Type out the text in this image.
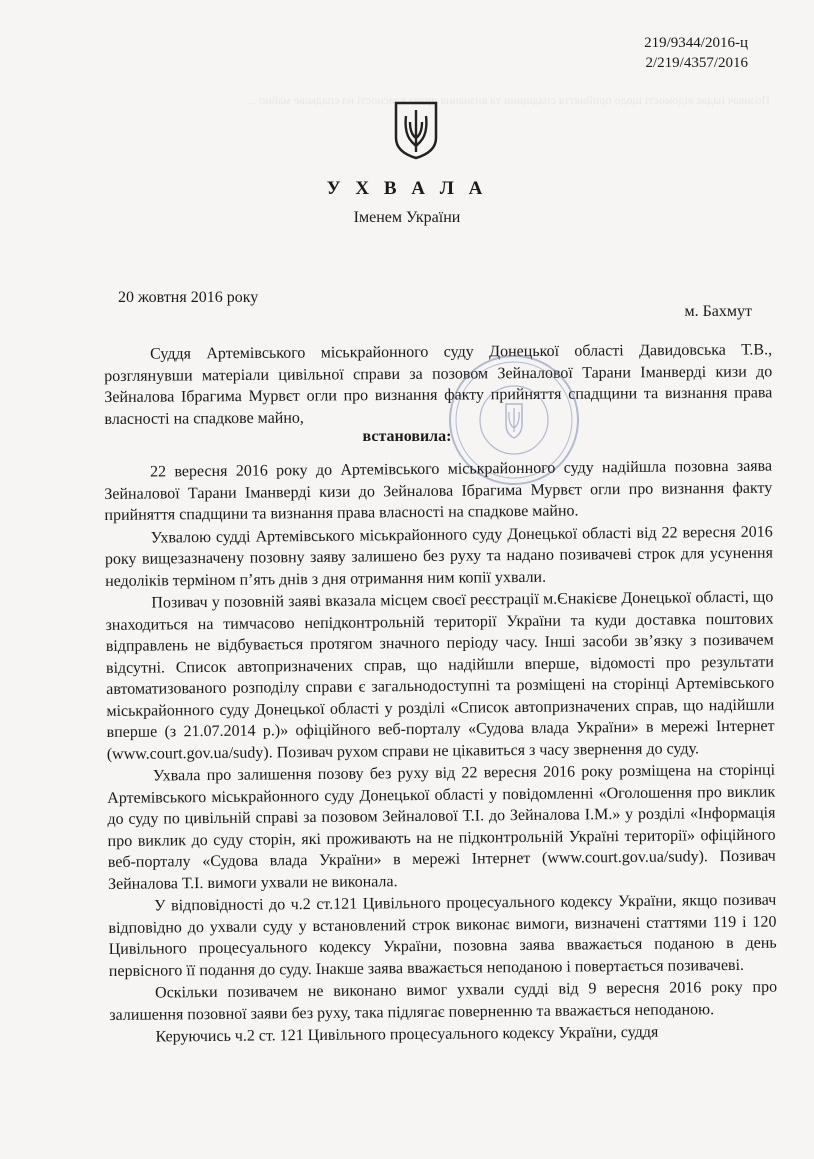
Позивач надає відомості щодо прийняття спадщини та визнання права власності на спадкове майно ...
219/9344/2016-ц
2/219/4357/2016
У Х В А Л А
Іменем України
20 жовтня 2016 року
м. Бахмут

Суддя Артемівського міськрайонного суду Донецької області Давидовська Т.В., розглянувши матеріали цивільної справи за позовом Зейналової Тарани Іманверді кизи до Зейналова Ібрагима Мурвєт огли про визнання факту прийняття спадщини та визнання права власності на спадкове майно,

встановила:

22 вересня 2016 року до Артемівського міськрайонного суду надійшла позовна заява Зейналової Тарани Іманверді кизи до Зейналова Ібрагима Мурвєт огли про визнання факту прийняття спадщини та визнання права власності на спадкове майно.

Ухвалою судді Артемівського міськрайонного суду Донецької області від 22 вересня 2016 року вищезазначену позовну заяву залишено без руху та надано позивачеві строк для усунення недоліків терміном п’ять днів з дня отримання ним копії ухвали.

Позивач у позовній заяві вказала місцем своєї реєстрації м.Єнакієве Донецької області, що знаходиться на тимчасово непідконтрольній території України та куди доставка поштових відправлень не відбувається протягом значного періоду часу. Інші засоби зв’язку з позивачем відсутні. Список автопризначених справ, що надійшли вперше, відомості про результати автоматизованого розподілу справи є загальнодоступні та розміщені на сторінці Артемівського міськрайонного суду Донецької області у розділі «Список автопризначених справ, що надійшли вперше (з 21.07.2014 р.)» офіційного веб-порталу «Судова влада України» в мережі Інтернет (www.court.gov.ua/sudy). Позивач рухом справи не цікавиться з часу звернення до суду.

Ухвала про залишення позову без руху від 22 вересня 2016 року розміщена на сторінці Артемівського міськрайонного суду Донецької області у повідомленні «Оголошення про виклик до суду по цивільній справі за позовом Зейналової Т.І. до Зейналова І.М.» у розділі «Інформація про виклик до суду сторін, які проживають на не підконтрольній Україні території» офіційного веб-порталу «Судова влада України» в мережі Інтернет (www.court.gov.ua/sudy). Позивач Зейналова Т.І. вимоги ухвали не виконала.

У відповідності до ч.2 ст.121 Цивільного процесуального кодексу України, якщо позивач відповідно до ухвали суду у встановлений строк виконає вимоги, визначені статтями 119 і 120 Цивільного процесуального кодексу України, позовна заява вважається поданою в день первісного її подання до суду. Інакше заява вважається неподаною і повертається позивачеві.

Оскільки позивачем не виконано вимог ухвали судді від 9 вересня 2016 року про залишення позовної заяви без руху, така підлягає поверненню та вважається неподаною.

Керуючись ч.2 ст. 121 Цивільного процесуального кодексу України, суддя
